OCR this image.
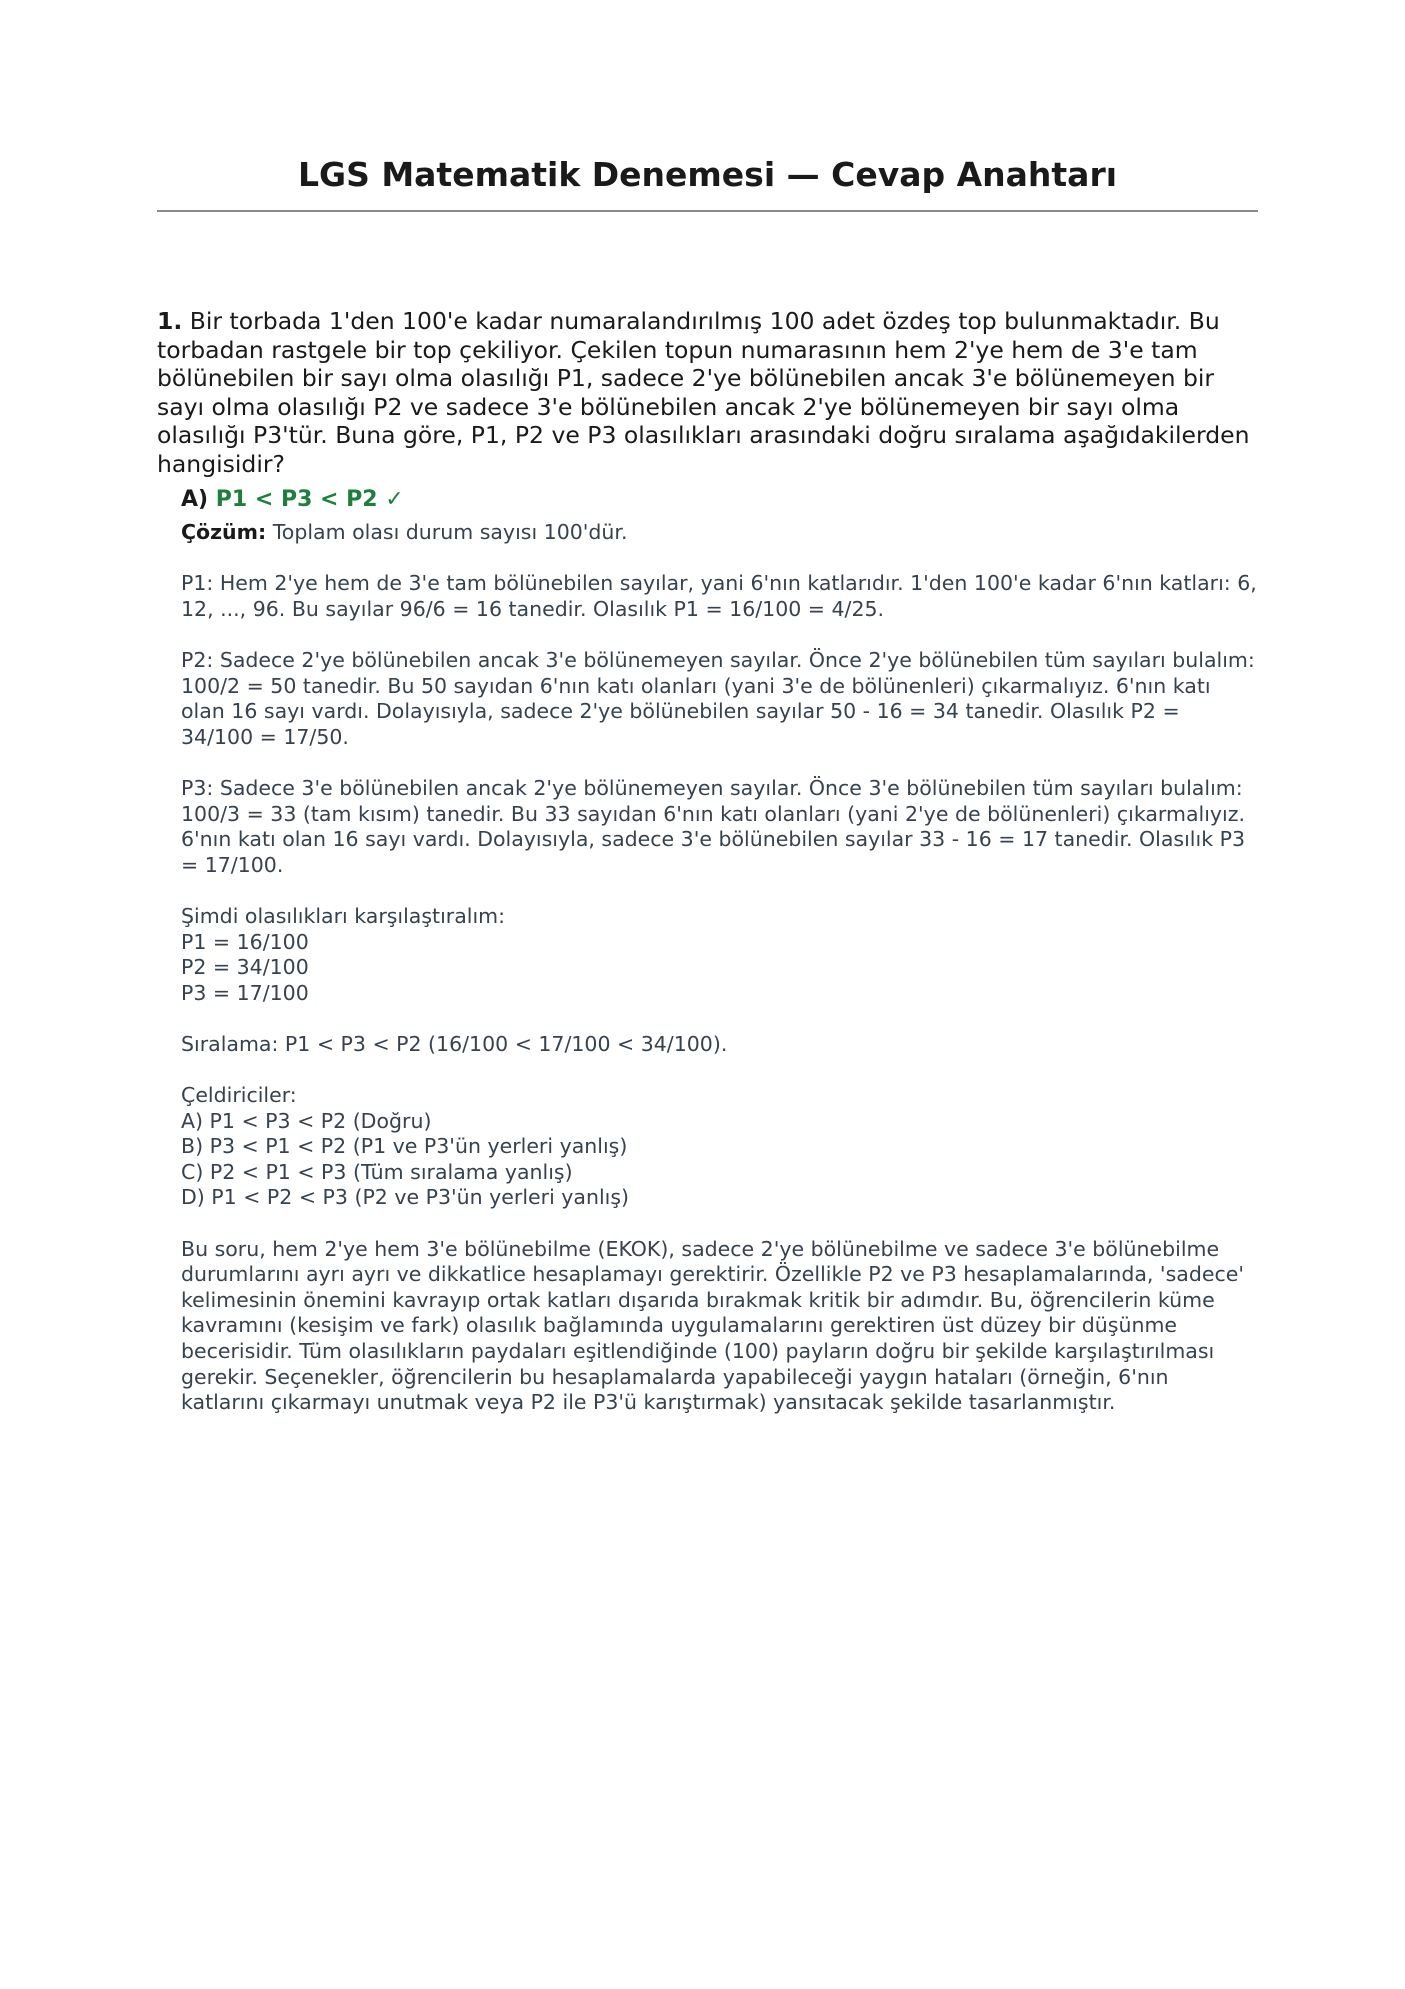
LGS Matematik Denemesi — Cevap Anahtarı
1. Bir torbada 1'den 100'e kadar numaralandırılmış 100 adet özdeş top bulunmaktadır. Bu torbadan rastgele bir top çekiliyor. Çekilen topun numarasının hem 2'ye hem de 3'e tam bölünebilen bir sayı olma olasılığı P1, sadece 2'ye bölünebilen ancak 3'e bölünemeyen bir sayı olma olasılığı P2 ve sadece 3'e bölünebilen ancak 2'ye bölünemeyen bir sayı olma olasılığı P3'tür. Buna göre, P1, P2 ve P3 olasılıkları arasındaki doğru sıralama aşağıdakilerden hangisidir?
A) P1 < P3 < P2 ✓

Çözüm: Toplam olası durum sayısı 100'dür.

P1: Hem 2'ye hem de 3'e tam bölünebilen sayılar, yani 6'nın katlarıdır. 1'den 100'e kadar 6'nın katları: 6, 12, ..., 96. Bu sayılar 96/6 = 16 tanedir. Olasılık P1 = 16/100 = 4/25.

P2: Sadece 2'ye bölünebilen ancak 3'e bölünemeyen sayılar. Önce 2'ye bölünebilen tüm sayıları bulalım: 100/2 = 50 tanedir. Bu 50 sayıdan 6'nın katı olanları (yani 3'e de bölünenleri) çıkarmalıyız. 6'nın katı olan 16 sayı vardı. Dolayısıyla, sadece 2'ye bölünebilen sayılar 50 - 16 = 34 tanedir. Olasılık P2 = 34/100 = 17/50.

P3: Sadece 3'e bölünebilen ancak 2'ye bölünemeyen sayılar. Önce 3'e bölünebilen tüm sayıları bulalım: 100/3 = 33 (tam kısım) tanedir. Bu 33 sayıdan 6'nın katı olanları (yani 2'ye de bölünenleri) çıkarmalıyız. 6'nın katı olan 16 sayı vardı. Dolayısıyla, sadece 3'e bölünebilen sayılar 33 - 16 = 17 tanedir. Olasılık P3 = 17/100.

Şimdi olasılıkları karşılaştıralım:

P1 = 16/100

P2 = 34/100

P3 = 17/100

Sıralama: P1 < P3 < P2 (16/100 < 17/100 < 34/100).

Çeldiriciler:

A) P1 < P3 < P2 (Doğru)

B) P3 < P1 < P2 (P1 ve P3'ün yerleri yanlış)

C) P2 < P1 < P3 (Tüm sıralama yanlış)

D) P1 < P2 < P3 (P2 ve P3'ün yerleri yanlış)

Bu soru, hem 2'ye hem 3'e bölünebilme (EKOK), sadece 2'ye bölünebilme ve sadece 3'e bölünebilme durumlarını ayrı ayrı ve dikkatlice hesaplamayı gerektirir. Özellikle P2 ve P3 hesaplamalarında, 'sadece' kelimesinin önemini kavrayıp ortak katları dışarıda bırakmak kritik bir adımdır. Bu, öğrencilerin küme kavramını (kesişim ve fark) olasılık bağlamında uygulamalarını gerektiren üst düzey bir düşünme becerisidir. Tüm olasılıkların paydaları eşitlendiğinde (100) payların doğru bir şekilde karşılaştırılması gerekir. Seçenekler, öğrencilerin bu hesaplamalarda yapabileceği yaygın hataları (örneğin, 6'nın katlarını çıkarmayı unutmak veya P2 ile P3'ü karıştırmak) yansıtacak şekilde tasarlanmıştır.
